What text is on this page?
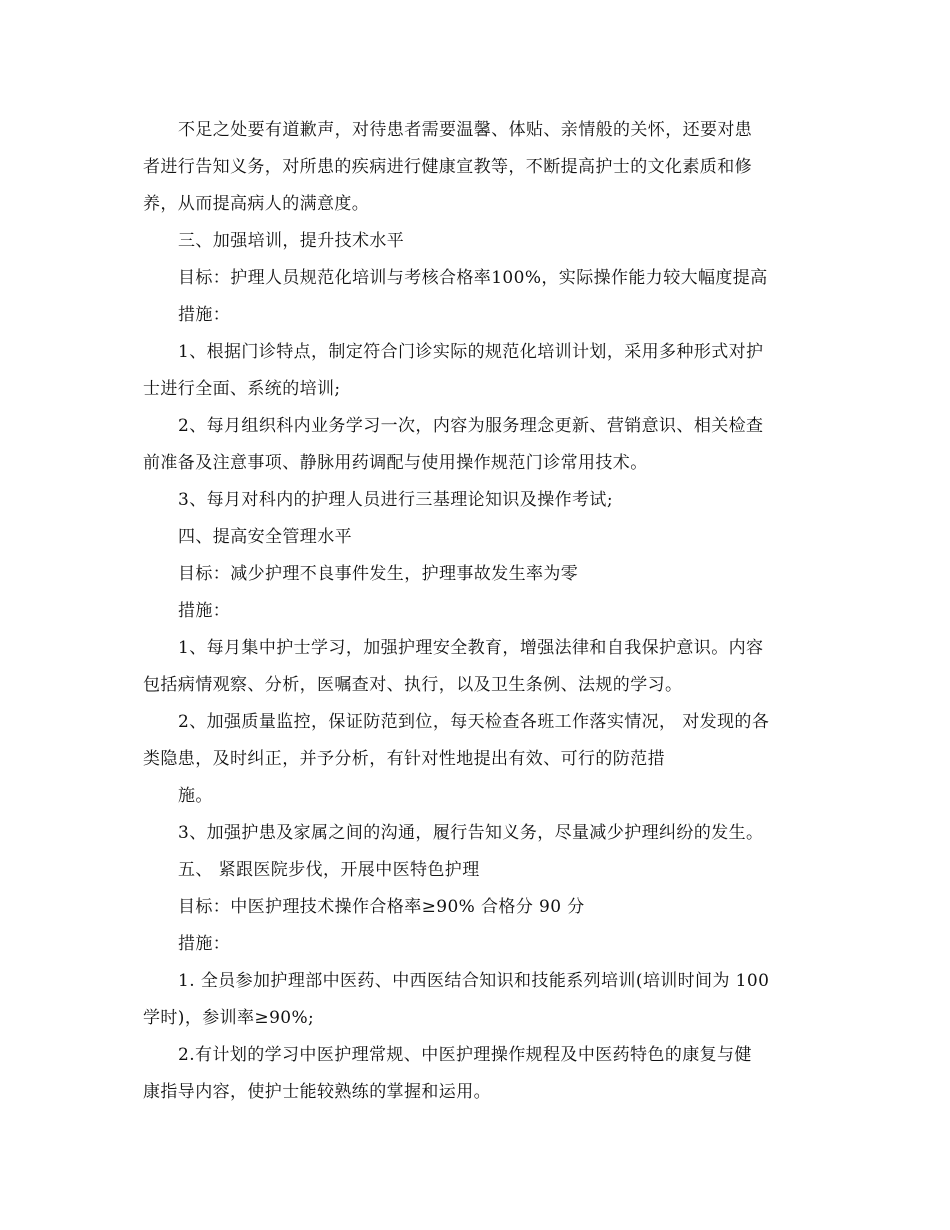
不足之处要有道歉声，对待患者需要温馨、体贴、亲情般的关怀，还要对患
者进行告知义务，对所患的疾病进行健康宣教等，不断提高护士的文化素质和修
养，从而提高病人的满意度。
三、加强培训，提升技术水平
目标：护理人员规范化培训与考核合格率100%，实际操作能力较大幅度提高
措施：
1、根据门诊特点，制定符合门诊实际的规范化培训计划，采用多种形式对护
士进行全面、系统的培训;
2、每月组织科内业务学习一次，内容为服务理念更新、营销意识、相关检查
前准备及注意事项、静脉用药调配与使用操作规范门诊常用技术。
3、每月对科内的护理人员进行三基理论知识及操作考试;
四、提高安全管理水平
目标：减少护理不良事件发生，护理事故发生率为零
措施：
1、每月集中护士学习，加强护理安全教育，增强法律和自我保护意识。内容
包括病情观察、分析，医嘱查对、执行，以及卫生条例、法规的学习。
2、加强质量监控，保证防范到位，每天检查各班工作落实情况， 对发现的各
类隐患，及时纠正，并予分析，有针对性地提出有效、可行的防范措
施。
3、加强护患及家属之间的沟通，履行告知义务，尽量减少护理纠纷的发生。
五、 紧跟医院步伐，开展中医特色护理
目标：中医护理技术操作合格率≥90% 合格分 90 分
措施：
1. 全员参加护理部中医药、中西医结合知识和技能系列培训(培训时间为 100
学时)，参训率≥90%;
2.有计划的学习中医护理常规、中医护理操作规程及中医药特色的康复与健
康指导内容，使护士能较熟练的掌握和运用。
